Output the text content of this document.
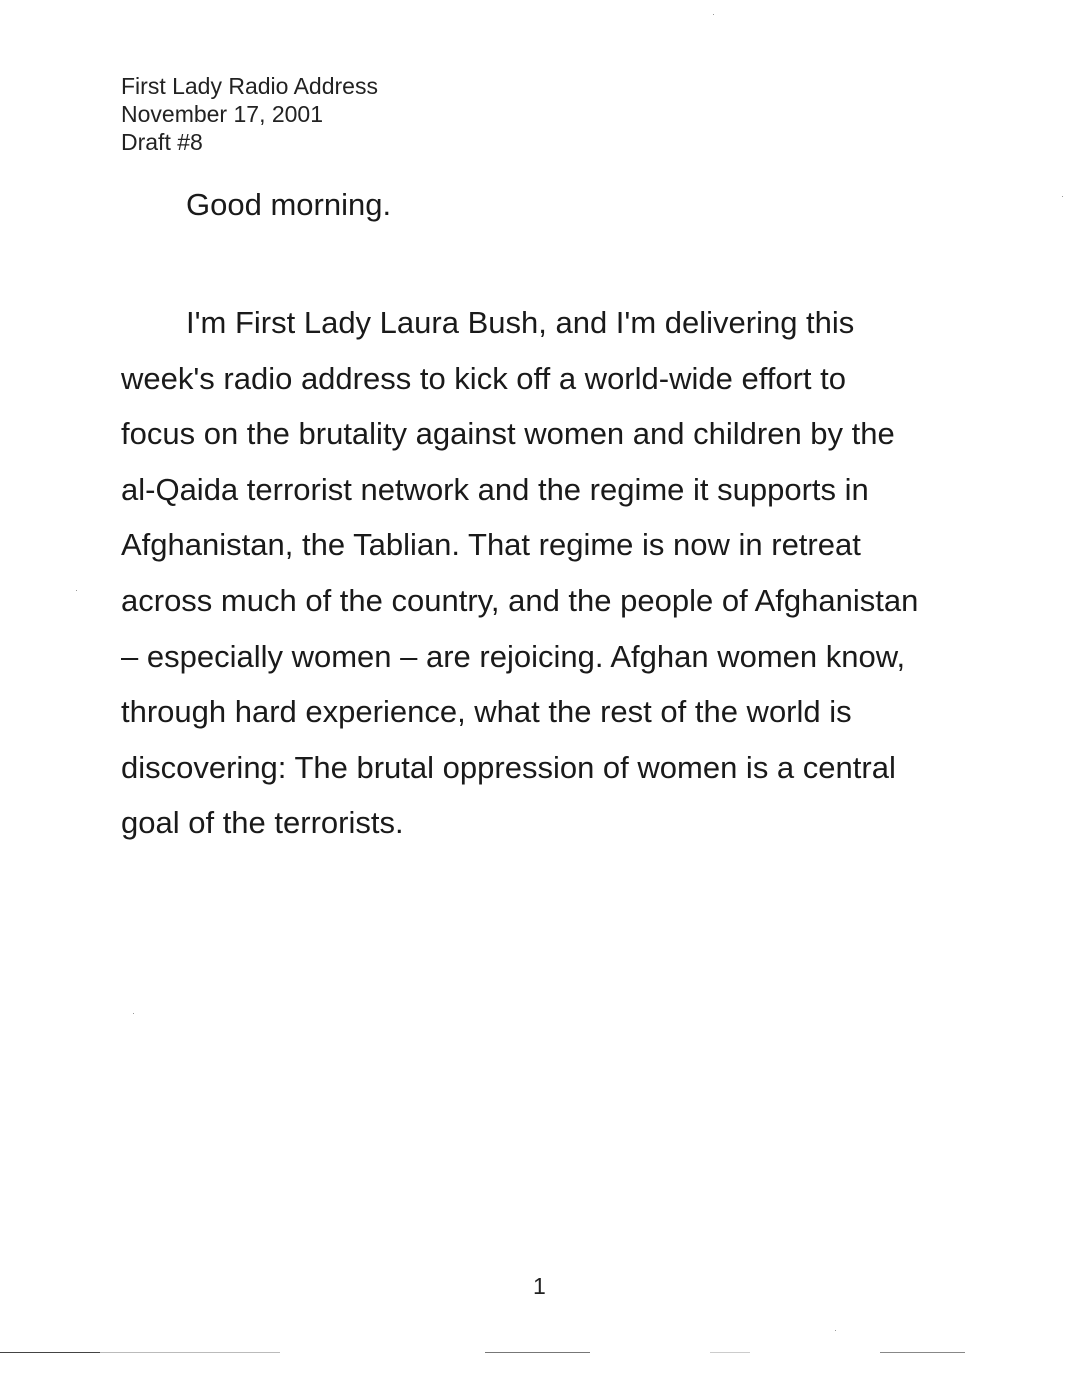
First Lady Radio Address
November 17, 2001
Draft #8
Good morning.
I'm First Lady Laura Bush, and I'm delivering this
week's radio address to kick off a world-wide effort to
focus on the brutality against women and children by the
al-Qaida terrorist network and the regime it supports in
Afghanistan, the Tablian. That regime is now in retreat
across much of the country, and the people of Afghanistan
– especially women – are rejoicing. Afghan women know,
through hard experience, what the rest of the world is
discovering: The brutal oppression of women is a central
goal of the terrorists.
1
